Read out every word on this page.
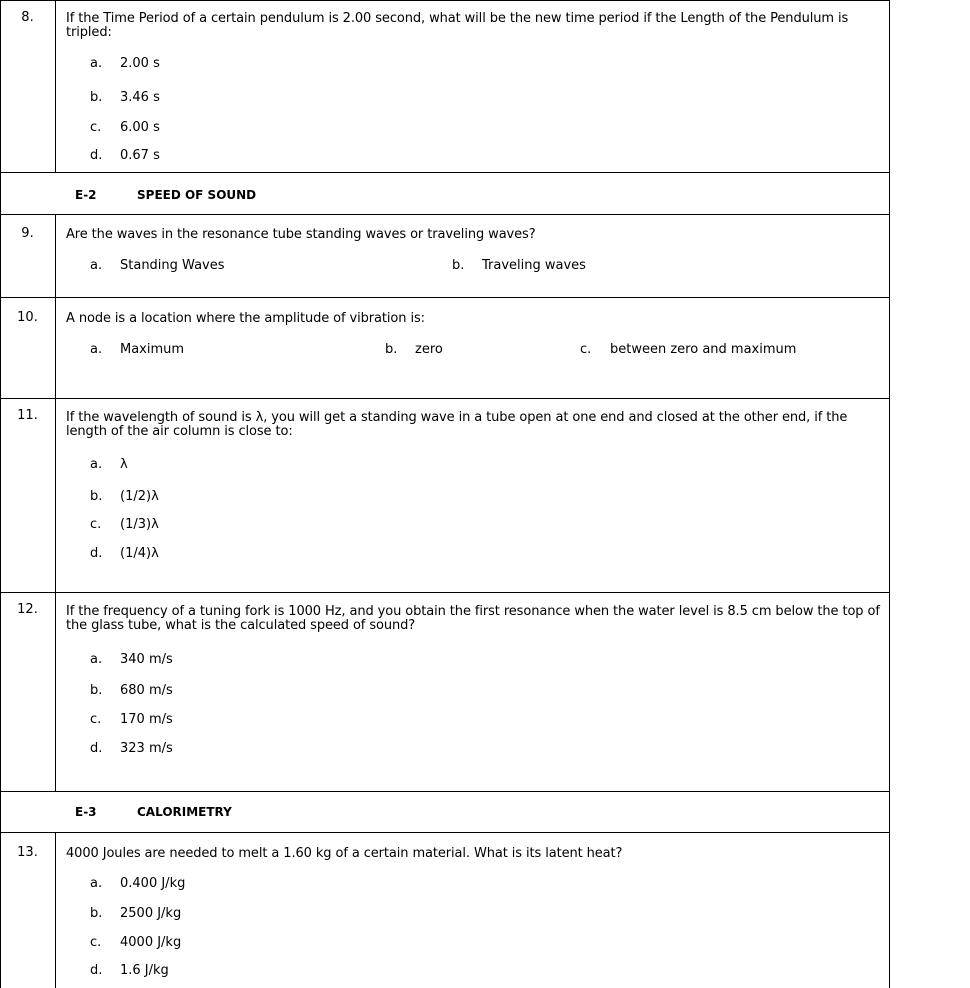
8.	If the Time Period of a certain pendulum is 2.00 second, what will be the new time period if the Length of the Pendulum is tripled:
a. 2.00 s
b. 3.46 s
c. 6.00 s
d. 0.67 s
E-2	SPEED OF SOUND
9.	Are the waves in the resonance tube standing waves or traveling waves?
a. Standing Waves	b. Traveling waves
10.	A node is a location where the amplitude of vibration is:
a. Maximum	b. zero	c. between zero and maximum
11.	If the wavelength of sound is λ, you will get a standing wave in a tube open at one end and closed at the other end, if the length of the air column is close to:
a. λ
b. (1/2)λ
c. (1/3)λ
d. (1/4)λ
12.	If the frequency of a tuning fork is 1000 Hz, and you obtain the first resonance when the water level is 8.5 cm below the top of the glass tube, what is the calculated speed of sound?
a. 340 m/s
b. 680 m/s
c. 170 m/s
d. 323 m/s
E-3	CALORIMETRY
13.	4000 Joules are needed to melt a 1.60 kg of a certain material. What is its latent heat?
a. 0.400 J/kg
b. 2500 J/kg
c. 4000 J/kg
d. 1.6 J/kg
